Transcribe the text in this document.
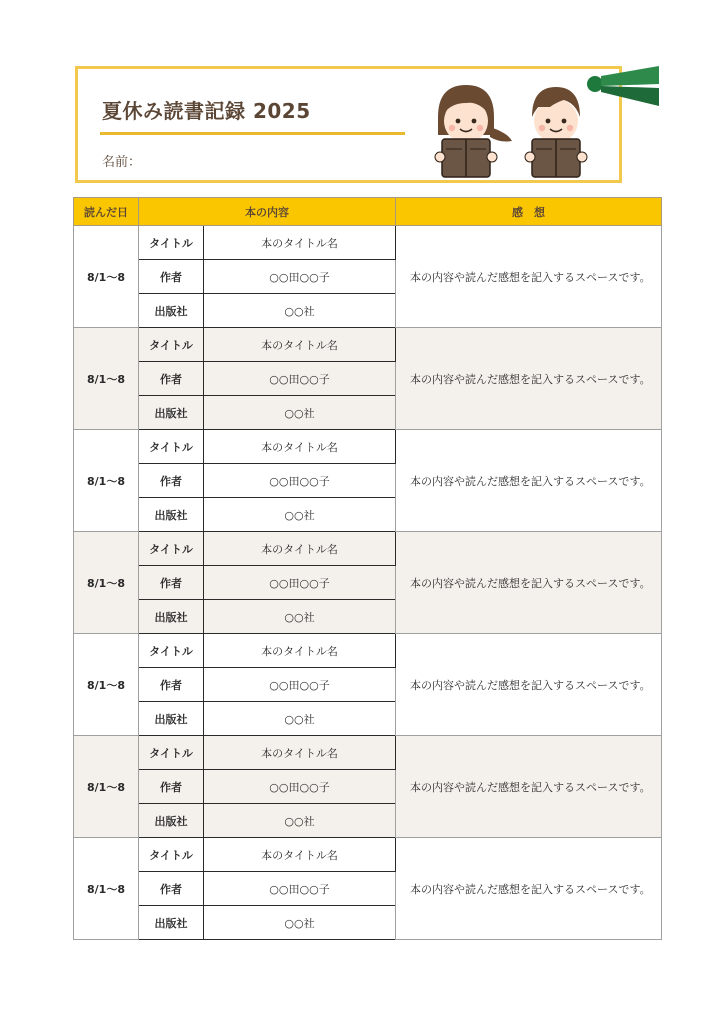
夏休み読書記録 2025
名前：
読んだ日	本の内容		感　想
8/1～8	タイトル	本のタイトル名	本の内容や読んだ感想を記入するスペースです。
	作者	○○田○○子	
	出版社	○○社	
8/1～8	タイトル	本のタイトル名	本の内容や読んだ感想を記入するスペースです。
	作者	○○田○○子	
	出版社	○○社	
8/1～8	タイトル	本のタイトル名	本の内容や読んだ感想を記入するスペースです。
	作者	○○田○○子	
	出版社	○○社	
8/1～8	タイトル	本のタイトル名	本の内容や読んだ感想を記入するスペースです。
	作者	○○田○○子	
	出版社	○○社	
8/1～8	タイトル	本のタイトル名	本の内容や読んだ感想を記入するスペースです。
	作者	○○田○○子	
	出版社	○○社	
8/1～8	タイトル	本のタイトル名	本の内容や読んだ感想を記入するスペースです。
	作者	○○田○○子	
	出版社	○○社	
8/1～8	タイトル	本のタイトル名	本の内容や読んだ感想を記入するスペースです。
	作者	○○田○○子	
	出版社	○○社	
